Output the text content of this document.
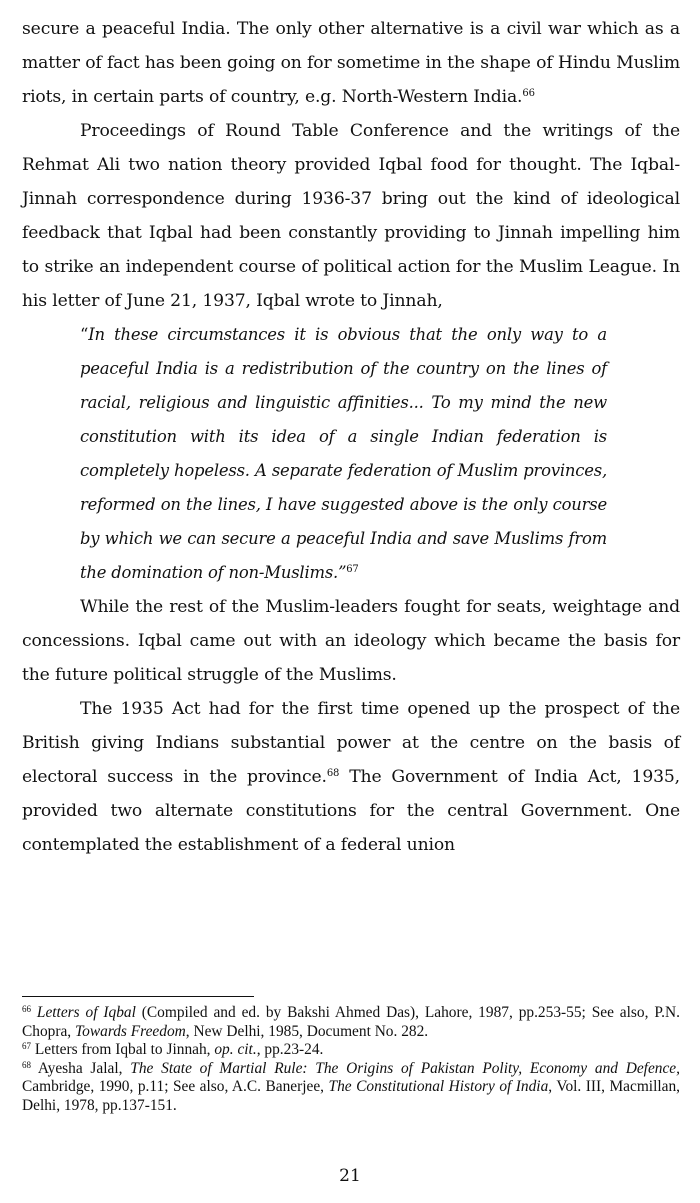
secure a peaceful India. The only other alternative is a civil war which as a matter of fact has been going on for sometime in the shape of Hindu Muslim riots, in certain parts of country, e.g. North-Western India.$^{66}$

Proceedings of Round Table Conference and the writings of the Rehmat Ali two nation theory provided Iqbal food for thought. The Iqbal-Jinnah correspondence during 1936-37 bring out the kind of ideological feedback that Iqbal had been constantly providing to Jinnah impelling him to strike an independent course of political action for the Muslim League. In his letter of June 21, 1937, Iqbal wrote to Jinnah,

“In these circumstances it is obvious that the only way to a peaceful India is a redistribution of the country on the lines of racial, religious and linguistic affinities... To my mind the new constitution with its idea of a single Indian federation is completely hopeless. A separate federation of Muslim provinces, reformed on the lines, I have suggested above is the only course by which we can secure a peaceful India and save Muslims from the domination of non-Muslims.”$^{67}$

While the rest of the Muslim-leaders fought for seats, weightage and concessions. Iqbal came out with an ideology which became the basis for the future political struggle of the Muslims.

The 1935 Act had for the first time opened up the prospect of the British giving Indians substantial power at the centre on the basis of electoral success in the province.$^{68}$ The Government of India Act, 1935, provided two alternate constitutions for the central Government. One contemplated the establishment of a federal union

$^{66}$ Letters of Iqbal (Compiled and ed. by Bakshi Ahmed Das), Lahore, 1987, pp.253-55; See also, P.N. Chopra, Towards Freedom, New Delhi, 1985, Document No. 282.

$^{67}$ Letters from Iqbal to Jinnah, op. cit., pp.23-24.

$^{68}$ Ayesha Jalal, The State of Martial Rule: The Origins of Pakistan Polity, Economy and Defence, Cambridge, 1990, p.11; See also, A.C. Banerjee, The Constitutional History of India, Vol. III, Macmillan, Delhi, 1978, pp.137-151.

21
